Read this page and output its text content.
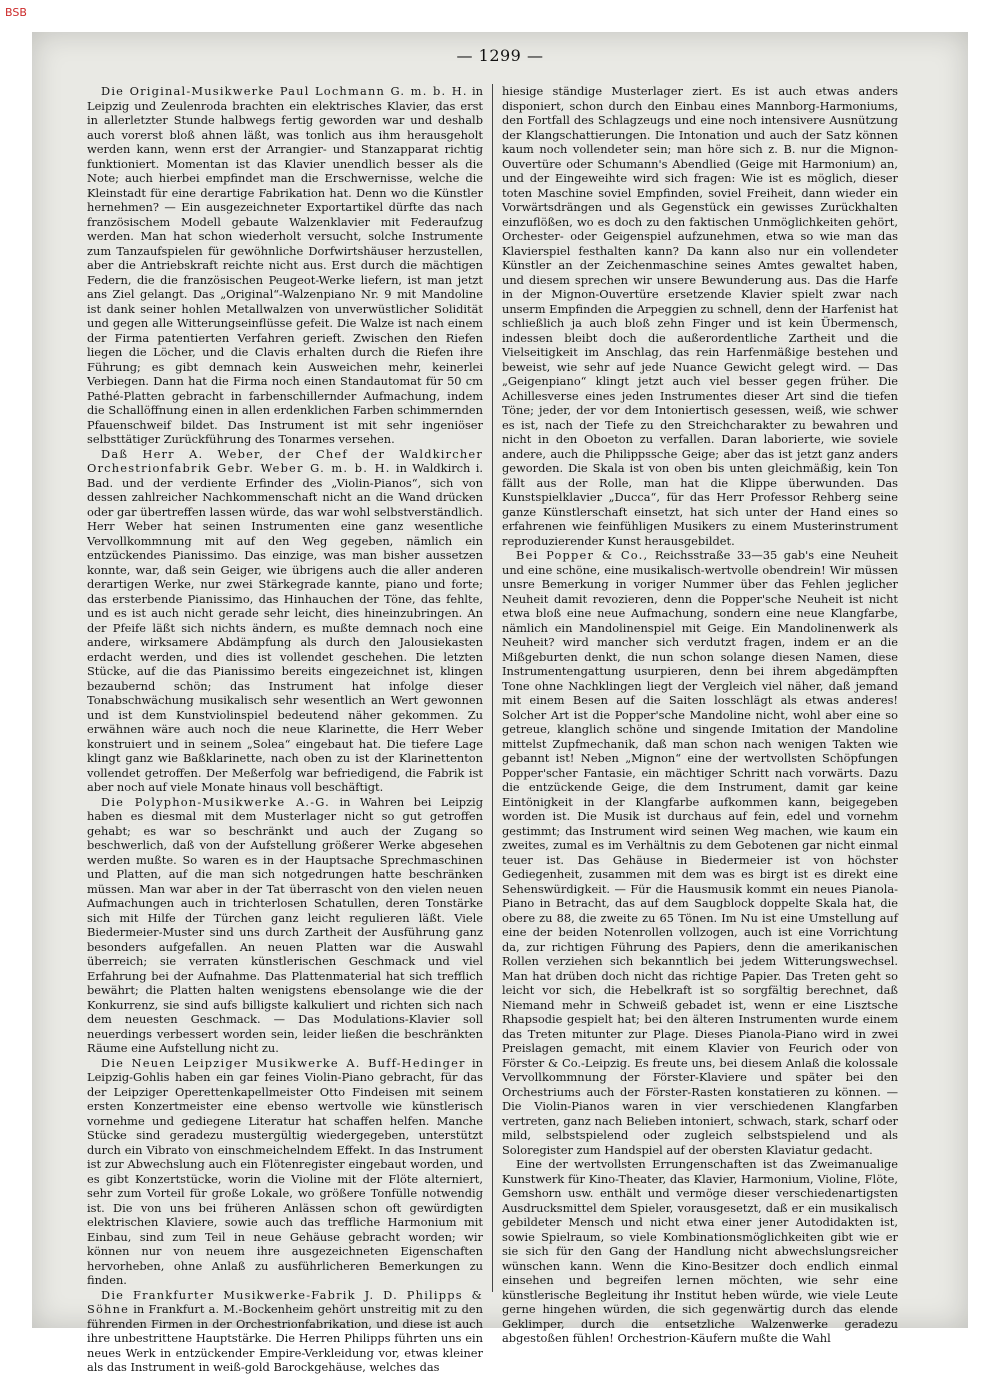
BSB
— 1299 —

Die Original-Musikwerke Paul Lochmann G. m. b. H. in Leipzig und Zeulenroda brachten ein elektrisches Klavier, das erst in allerletzter Stunde halbwegs fertig geworden war und deshalb auch vorerst bloß ahnen läßt, was tonlich aus ihm herausgeholt werden kann, wenn erst der Arrangier- und Stanzapparat richtig funktioniert. Momentan ist das Klavier unendlich besser als die Note; auch hierbei empfindet man die Erschwernisse, welche die Kleinstadt für eine derartige Fabrikation hat. Denn wo die Künstler hernehmen? — Ein ausgezeichneter Exportartikel dürfte das nach französischem Modell gebaute Walzenklavier mit Federaufzug werden. Man hat schon wiederholt versucht, solche Instrumente zum Tanzaufspielen für gewöhnliche Dorfwirtshäuser herzustellen, aber die Antriebskraft reichte nicht aus. Erst durch die mächtigen Federn, die die französischen Peugeot-Werke liefern, ist man jetzt ans Ziel gelangt. Das „Original“-Walzenpiano Nr. 9 mit Mandoline ist dank seiner hohlen Metallwalzen von unverwüstlicher Solidität und gegen alle Witterungseinflüsse gefeit. Die Walze ist nach einem der Firma patentierten Verfahren gerieft. Zwischen den Riefen liegen die Löcher, und die Clavis erhalten durch die Riefen ihre Führung; es gibt demnach kein Ausweichen mehr, keinerlei Verbiegen. Dann hat die Firma noch einen Standautomat für 50 cm Pathé-Platten gebracht in farbenschillernder Aufmachung, indem die Schallöffnung einen in allen erdenklichen Farben schimmernden Pfauenschweif bildet. Das Instrument ist mit sehr ingeniöser selbsttätiger Zurückführung des Tonarmes versehen.

Daß Herr A. Weber, der Chef der Waldkircher Orchestrionfabrik Gebr. Weber G. m. b. H. in Waldkirch i. Bad. und der verdiente Erfinder des „Violin-Pianos“, sich von dessen zahlreicher Nachkommenschaft nicht an die Wand drücken oder gar übertreffen lassen würde, das war wohl selbstverständlich. Herr Weber hat seinen Instrumenten eine ganz wesentliche Vervollkommnung mit auf den Weg gegeben, nämlich ein entzückendes Pianissimo. Das einzige, was man bisher aussetzen konnte, war, daß sein Geiger, wie übrigens auch die aller anderen derartigen Werke, nur zwei Stärkegrade kannte, piano und forte; das ersterbende Pianissimo, das Hinhauchen der Töne, das fehlte, und es ist auch nicht gerade sehr leicht, dies hineinzubringen. An der Pfeife läßt sich nichts ändern, es mußte demnach noch eine andere, wirksamere Abdämpfung als durch den Jalousiekasten erdacht werden, und dies ist vollendet geschehen. Die letzten Stücke, auf die das Pianissimo bereits eingezeichnet ist, klingen bezaubernd schön; das Instrument hat infolge dieser Tonabschwächung musikalisch sehr wesentlich an Wert gewonnen und ist dem Kunstviolinspiel bedeutend näher gekommen. Zu erwähnen wäre auch noch die neue Klarinette, die Herr Weber konstruiert und in seinem „Solea“ eingebaut hat. Die tiefere Lage klingt ganz wie Baßklarinette, nach oben zu ist der Klarinettenton vollendet getroffen. Der Meßerfolg war befriedigend, die Fabrik ist aber noch auf viele Monate hinaus voll beschäftigt.

Die Polyphon-Musikwerke A.-G. in Wahren bei Leipzig haben es diesmal mit dem Musterlager nicht so gut getroffen gehabt; es war so beschränkt und auch der Zugang so beschwerlich, daß von der Aufstellung größerer Werke abgesehen werden mußte. So waren es in der Hauptsache Sprechmaschinen und Platten, auf die man sich notgedrungen hatte beschränken müssen. Man war aber in der Tat überrascht von den vielen neuen Aufmachungen auch in trichterlosen Schatullen, deren Tonstärke sich mit Hilfe der Türchen ganz leicht regulieren läßt. Viele Biedermeier-Muster sind uns durch Zartheit der Ausführung ganz besonders aufgefallen. An neuen Platten war die Auswahl überreich; sie verraten künstlerischen Geschmack und viel Erfahrung bei der Aufnahme. Das Plattenmaterial hat sich trefflich bewährt; die Platten halten wenigstens ebensolange wie die der Konkurrenz, sie sind aufs billigste kalkuliert und richten sich nach dem neuesten Geschmack. — Das Modulations-Klavier soll neuerdings verbessert worden sein, leider ließen die beschränkten Räume eine Aufstellung nicht zu.

Die Neuen Leipziger Musikwerke A. Buff-Hedinger in Leipzig-Gohlis haben ein gar feines Violin-Piano gebracht, für das der Leipziger Operettenkapellmeister Otto Findeisen mit seinem ersten Konzertmeister eine ebenso wertvolle wie künstlerisch vornehme und gediegene Literatur hat schaffen helfen. Manche Stücke sind geradezu mustergültig wiedergegeben, unterstützt durch ein Vibrato von einschmeichelndem Effekt. In das Instrument ist zur Abwechslung auch ein Flötenregister eingebaut worden, und es gibt Konzertstücke, worin die Violine mit der Flöte alterniert, sehr zum Vorteil für große Lokale, wo größere Tonfülle notwendig ist. Die von uns bei früheren Anlässen schon oft gewürdigten elektrischen Klaviere, sowie auch das treffliche Harmonium mit Einbau, sind zum Teil in neue Gehäuse gebracht worden; wir können nur von neuem ihre ausgezeichneten Eigenschaften hervorheben, ohne Anlaß zu ausführlicheren Bemerkungen zu finden.

Die Frankfurter Musikwerke-Fabrik J. D. Philipps & Söhne in Frankfurt a. M.-Bockenheim gehört unstreitig mit zu den führenden Firmen in der Orchestrionfabrikation, und diese ist auch ihre unbestrittene Hauptstärke. Die Herren Philipps führten uns ein neues Werk in entzückender Empire-Verkleidung vor, etwas kleiner als das Instrument in weiß-gold Barockgehäuse, welches das

hiesige ständige Musterlager ziert. Es ist auch etwas anders disponiert, schon durch den Einbau eines Mannborg-Harmoniums, den Fortfall des Schlagzeugs und eine noch intensivere Ausnützung der Klangschattierungen. Die Intonation und auch der Satz können kaum noch vollendeter sein; man höre sich z. B. nur die Mignon-Ouvertüre oder Schumann's Abendlied (Geige mit Harmonium) an, und der Eingeweihte wird sich fragen: Wie ist es möglich, dieser toten Maschine soviel Empfinden, soviel Freiheit, dann wieder ein Vorwärtsdrängen und als Gegenstück ein gewisses Zurückhalten einzuflößen, wo es doch zu den faktischen Unmöglichkeiten gehört, Orchester- oder Geigenspiel aufzunehmen, etwa so wie man das Klavierspiel festhalten kann? Da kann also nur ein vollendeter Künstler an der Zeichenmaschine seines Amtes gewaltet haben, und diesem sprechen wir unsere Bewunderung aus. Das die Harfe in der Mignon-Ouvertüre ersetzende Klavier spielt zwar nach unserm Empfinden die Arpeggien zu schnell, denn der Harfenist hat schließlich ja auch bloß zehn Finger und ist kein Übermensch, indessen bleibt doch die außerordentliche Zartheit und die Vielseitigkeit im Anschlag, das rein Harfenmäßige bestehen und beweist, wie sehr auf jede Nuance Gewicht gelegt wird. — Das „Geigenpiano“ klingt jetzt auch viel besser gegen früher. Die Achillesverse eines jeden Instrumentes dieser Art sind die tiefen Töne; jeder, der vor dem Intoniertisch gesessen, weiß, wie schwer es ist, nach der Tiefe zu den Streichcharakter zu bewahren und nicht in den Oboeton zu verfallen. Daran laborierte, wie soviele andere, auch die Philippssche Geige; aber das ist jetzt ganz anders geworden. Die Skala ist von oben bis unten gleichmäßig, kein Ton fällt aus der Rolle, man hat die Klippe überwunden. Das Kunstspielklavier „Ducca“, für das Herr Professor Rehberg seine ganze Künstlerschaft einsetzt, hat sich unter der Hand eines so erfahrenen wie feinfühligen Musikers zu einem Musterinstrument reproduzierender Kunst herausgebildet.

Bei Popper & Co., Reichsstraße 33—35 gab's eine Neuheit und eine schöne, eine musikalisch-wertvolle obendrein! Wir müssen unsre Bemerkung in voriger Nummer über das Fehlen jeglicher Neuheit damit revozieren, denn die Popper'sche Neuheit ist nicht etwa bloß eine neue Aufmachung, sondern eine neue Klangfarbe, nämlich ein Mandolinenspiel mit Geige. Ein Mandolinenwerk als Neuheit? wird mancher sich verdutzt fragen, indem er an die Mißgeburten denkt, die nun schon solange diesen Namen, diese Instrumentengattung usurpieren, denn bei ihrem abgedämpften Tone ohne Nachklingen liegt der Vergleich viel näher, daß jemand mit einem Besen auf die Saiten losschlägt als etwas anderes! Solcher Art ist die Popper'sche Mandoline nicht, wohl aber eine so getreue, klanglich schöne und singende Imitation der Mandoline mittelst Zupfmechanik, daß man schon nach wenigen Takten wie gebannt ist! Neben „Mignon“ eine der wertvollsten Schöpfungen Popper'scher Fantasie, ein mächtiger Schritt nach vorwärts. Dazu die entzückende Geige, die dem Instrument, damit gar keine Eintönigkeit in der Klangfarbe aufkommen kann, beigegeben worden ist. Die Musik ist durchaus auf fein, edel und vornehm gestimmt; das Instrument wird seinen Weg machen, wie kaum ein zweites, zumal es im Verhältnis zu dem Gebotenen gar nicht einmal teuer ist. Das Gehäuse in Biedermeier ist von höchster Gediegenheit, zusammen mit dem was es birgt ist es direkt eine Sehenswürdigkeit. — Für die Hausmusik kommt ein neues Pianola-Piano in Betracht, das auf dem Saugblock doppelte Skala hat, die obere zu 88, die zweite zu 65 Tönen. Im Nu ist eine Umstellung auf eine der beiden Notenrollen vollzogen, auch ist eine Vorrichtung da, zur richtigen Führung des Papiers, denn die amerikanischen Rollen verziehen sich bekanntlich bei jedem Witterungswechsel. Man hat drüben doch nicht das richtige Papier. Das Treten geht so leicht vor sich, die Hebelkraft ist so sorgfältig berechnet, daß Niemand mehr in Schweiß gebadet ist, wenn er eine Lisztsche Rhapsodie gespielt hat; bei den älteren Instrumenten wurde einem das Treten mitunter zur Plage. Dieses Pianola-Piano wird in zwei Preislagen gemacht, mit einem Klavier von Feurich oder von Förster & Co.-Leipzig. Es freute uns, bei diesem Anlaß die kolossale Vervollkommnung der Förster-Klaviere und später bei den Orchestriums auch der Förster-Rasten konstatieren zu können. — Die Violin-Pianos waren in vier verschiedenen Klangfarben vertreten, ganz nach Belieben intoniert, schwach, stark, scharf oder mild, selbstspielend oder zugleich selbstspielend und als Soloregister zum Handspiel auf der obersten Klaviatur gedacht.

Eine der wertvollsten Errungenschaften ist das Zweimanualige Kunstwerk für Kino-Theater, das Klavier, Harmonium, Violine, Flöte, Gemshorn usw. enthält und vermöge dieser verschiedenartigsten Ausdrucksmittel dem Spieler, vorausgesetzt, daß er ein musikalisch gebildeter Mensch und nicht etwa einer jener Autodidakten ist, sowie Spielraum, so viele Kombinationsmöglichkeiten gibt wie er sie sich für den Gang der Handlung nicht abwechslungsreicher wünschen kann. Wenn die Kino-Besitzer doch endlich einmal einsehen und begreifen lernen möchten, wie sehr eine künstlerische Begleitung ihr Institut heben würde, wie viele Leute gerne hingehen würden, die sich gegenwärtig durch das elende Geklimper, durch die entsetzliche Walzenwerke geradezu abgestoßen fühlen! Orchestrion-Käufern mußte die Wahl
